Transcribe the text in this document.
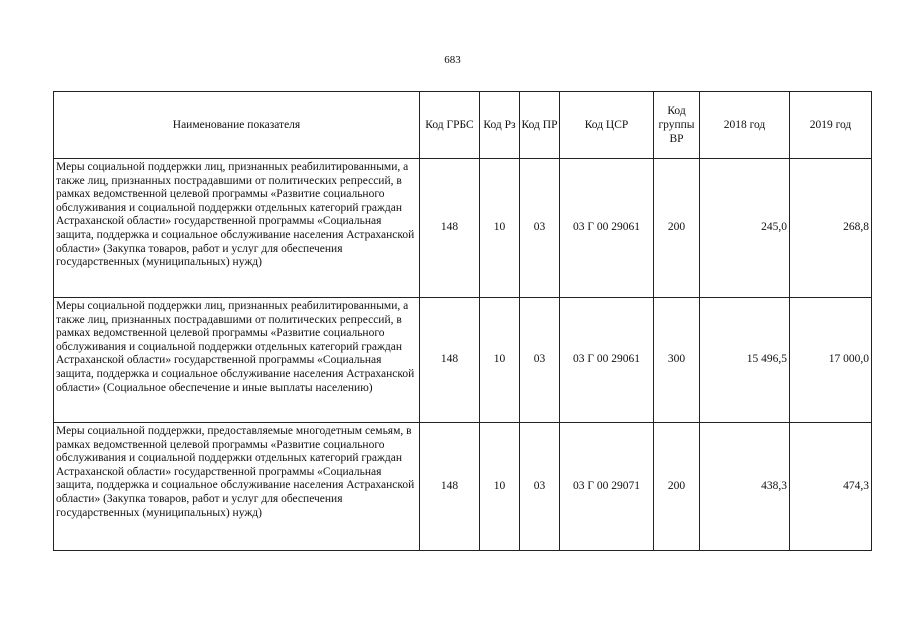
683
Наименование показателя	Код ГРБС	Код Рз	Код ПР	Код ЦСР	Код группы ВР	2018 год	2019 год
Меры социальной поддержки лиц, признанных реабилитированными, а также лиц, признанных пострадавшими от политических репрессий, в рамках ведомственной целевой программы «Развитие социального обслуживания и социальной поддержки отдельных категорий граждан Астраханской области» государственной программы «Социальная защита, поддержка и социальное обслуживание населения Астраханской области» (Закупка товаров, работ и услуг для обеспечения государственных (муниципальных) нужд)	148	10	03	03 Г 00 29061	200	245,0	268,8
Меры социальной поддержки лиц, признанных реабилитированными, а также лиц, признанных пострадавшими от политических репрессий, в рамках ведомственной целевой программы «Развитие социального обслуживания и социальной поддержки отдельных категорий граждан Астраханской области» государственной программы «Социальная защита, поддержка и социальное обслуживание населения Астраханской области» (Социальное обеспечение и иные выплаты населению)	148	10	03	03 Г 00 29061	300	15 496,5	17 000,0
Меры социальной поддержки, предоставляемые многодетным семьям, в рамках ведомственной целевой программы «Развитие социального обслуживания и социальной поддержки отдельных категорий граждан Астраханской области» государственной программы «Социальная защита, поддержка и социальное обслуживание населения Астраханской области» (Закупка товаров, работ и услуг для обеспечения государственных (муниципальных) нужд)	148	10	03	03 Г 00 29071	200	438,3	474,3
